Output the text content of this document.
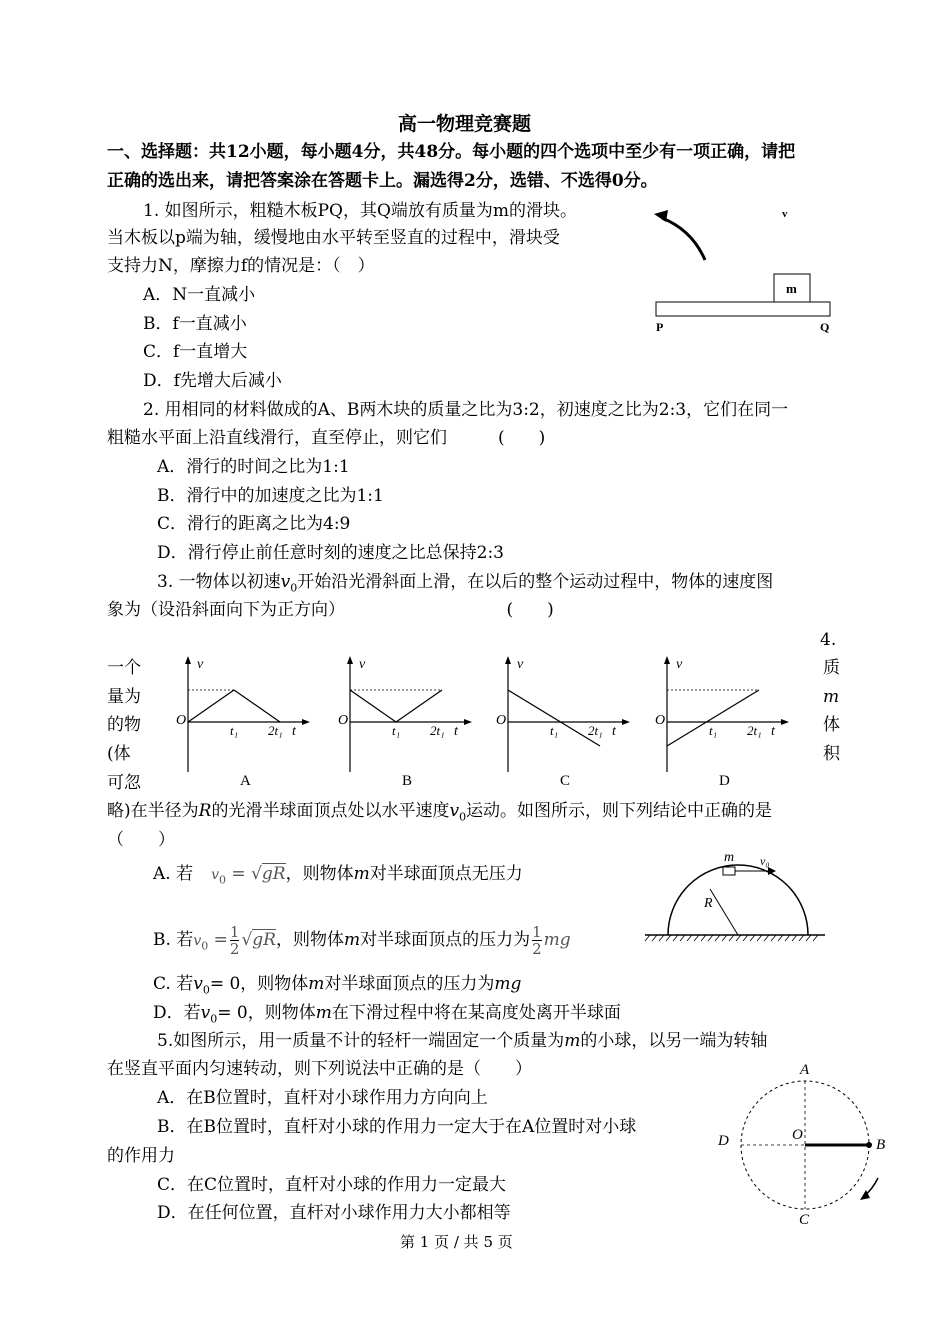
高一物理竞赛题
一、选择题：共12小题，每小题4分，共48分。每小题的四个选项中至少有一项正确，请把
正确的选出来，请把答案涂在答题卡上。漏选得2分，选错、不选得0分。
1. 如图所示，粗糙木板PQ，其Q端放有质量为m的滑块。
当木板以p端为轴，缓慢地由水平转至竖直的过程中，滑块受
支持力N，摩擦力f的情况是：（　）
A．N一直减小
B．f一直减小
C．f一直增大
D．f先增大后减小
v
m
P	Q
2. 用相同的材料做成的A、B两木块的质量之比为3:2，初速度之比为2:3，它们在同一
粗糙水平面上沿直线滑行，直至停止，则它们　　　(　　)
A．滑行的时间之比为1:1
B．滑行中的加速度之比为1:1
C．滑行的距离之比为4:9
D．滑行停止前任意时刻的速度之比总保持2:3
3. 一物体以初速$v_0$开始沿光滑斜面上滑，在以后的整个运动过程中，物体的速度图
象为（设沿斜面向下为正方向）　　　　　　　　　　(　　)
v
O
t₁ 2t₁ t
A
v
O
t₁ 2t₁ t
B
v
O
t₁ 2t₁ t
C
v
O
t₁ 2t₁ t
D
4.
一个
量为
的物
(体
可忽
质
m
体
积
略)在半径为R的光滑半球面顶点处以水平速度$v_0$运动。如图所示，则下列结论中正确的是
（　　）
A. 若 $v_0 = √gR$，则物体m对半球面顶点无压力
B. 若$v_0 = \frac{1}{2} √gR$，则物体m对半球面顶点的压力为 $\frac{1}{2}$ mg
C. 若$v_0= 0$，则物体m对半球面顶点的压力为mg
D．若$v_0= 0$，则物体m在下滑过程中将在某高度处离开半球面
R
m v₀
5.如图所示，用一质量不计的轻杆一端固定一个质量为m的小球，以另一端为转轴
在竖直平面内匀速转动，则下列说法中正确的是（　　）
A．在B位置时，直杆对小球作用力方向向上
B．在B位置时，直杆对小球的作用力一定大于在A位置时对小球
的作用力
C．在C位置时，直杆对小球的作用力一定最大
D．在任何位置，直杆对小球作用力大小都相等
A
B
C
D	O
第 1 页 / 共 5 页
